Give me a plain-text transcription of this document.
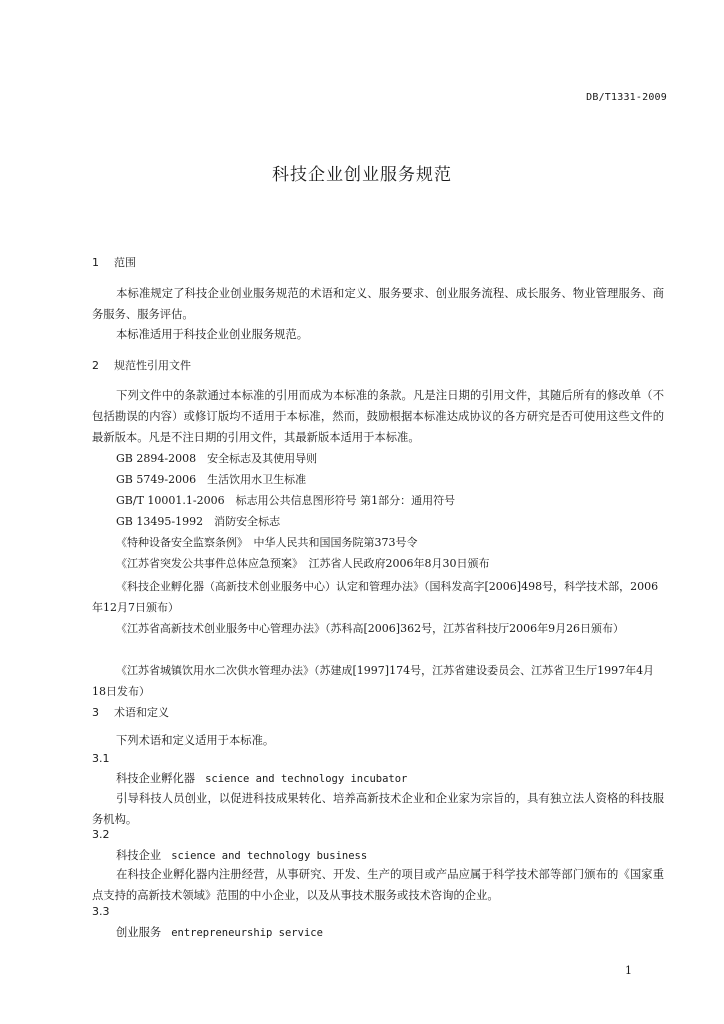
DB/T1331-2009
科技企业创业服务规范
1 范围
本标准规定了科技企业创业服务规范的术语和定义、服务要求、创业服务流程、成长服务、物业管理服务、商务服务、服务评估。
本标准适用于科技企业创业服务规范。
2 规范性引用文件
下列文件中的条款通过本标准的引用而成为本标准的条款。凡是注日期的引用文件，其随后所有的修改单（不包括勘误的内容）或修订版均不适用于本标准，然而，鼓励根据本标准达成协议的各方研究是否可使用这些文件的最新版本。凡是不注日期的引用文件，其最新版本适用于本标准。
GB 2894-2008　安全标志及其使用导则
GB 5749-2006　生活饮用水卫生标准
GB/T 10001.1-2006　标志用公共信息图形符号 第1部分：通用符号
GB 13495-1992　消防安全标志
《特种设备安全监察条例》　中华人民共和国国务院第373号令
《江苏省突发公共事件总体应急预案》　江苏省人民政府2006年8月30日颁布
《科技企业孵化器（高新技术创业服务中心）认定和管理办法》（国科发高字[2006]498号，科学技术部，2006年12月7日颁布）
《江苏省高新技术创业服务中心管理办法》（苏科高[2006]362号，江苏省科技厅2006年9月26日颁布）
《江苏省城镇饮用水二次供水管理办法》（苏建成[1997]174号，江苏省建设委员会、江苏省卫生厅1997年4月18日发布）
3 术语和定义
下列术语和定义适用于本标准。
3.1
科技企业孵化器 science and technology incubator
引导科技人员创业，以促进科技成果转化、培养高新技术企业和企业家为宗旨的，具有独立法人资格的科技服务机构。
3.2
科技企业 science and technology business
在科技企业孵化器内注册经营，从事研究、开发、生产的项目或产品应属于科学技术部等部门颁布的《国家重点支持的高新技术领域》范围的中小企业，以及从事技术服务或技术咨询的企业。
3.3
创业服务 entrepreneurship service
1
